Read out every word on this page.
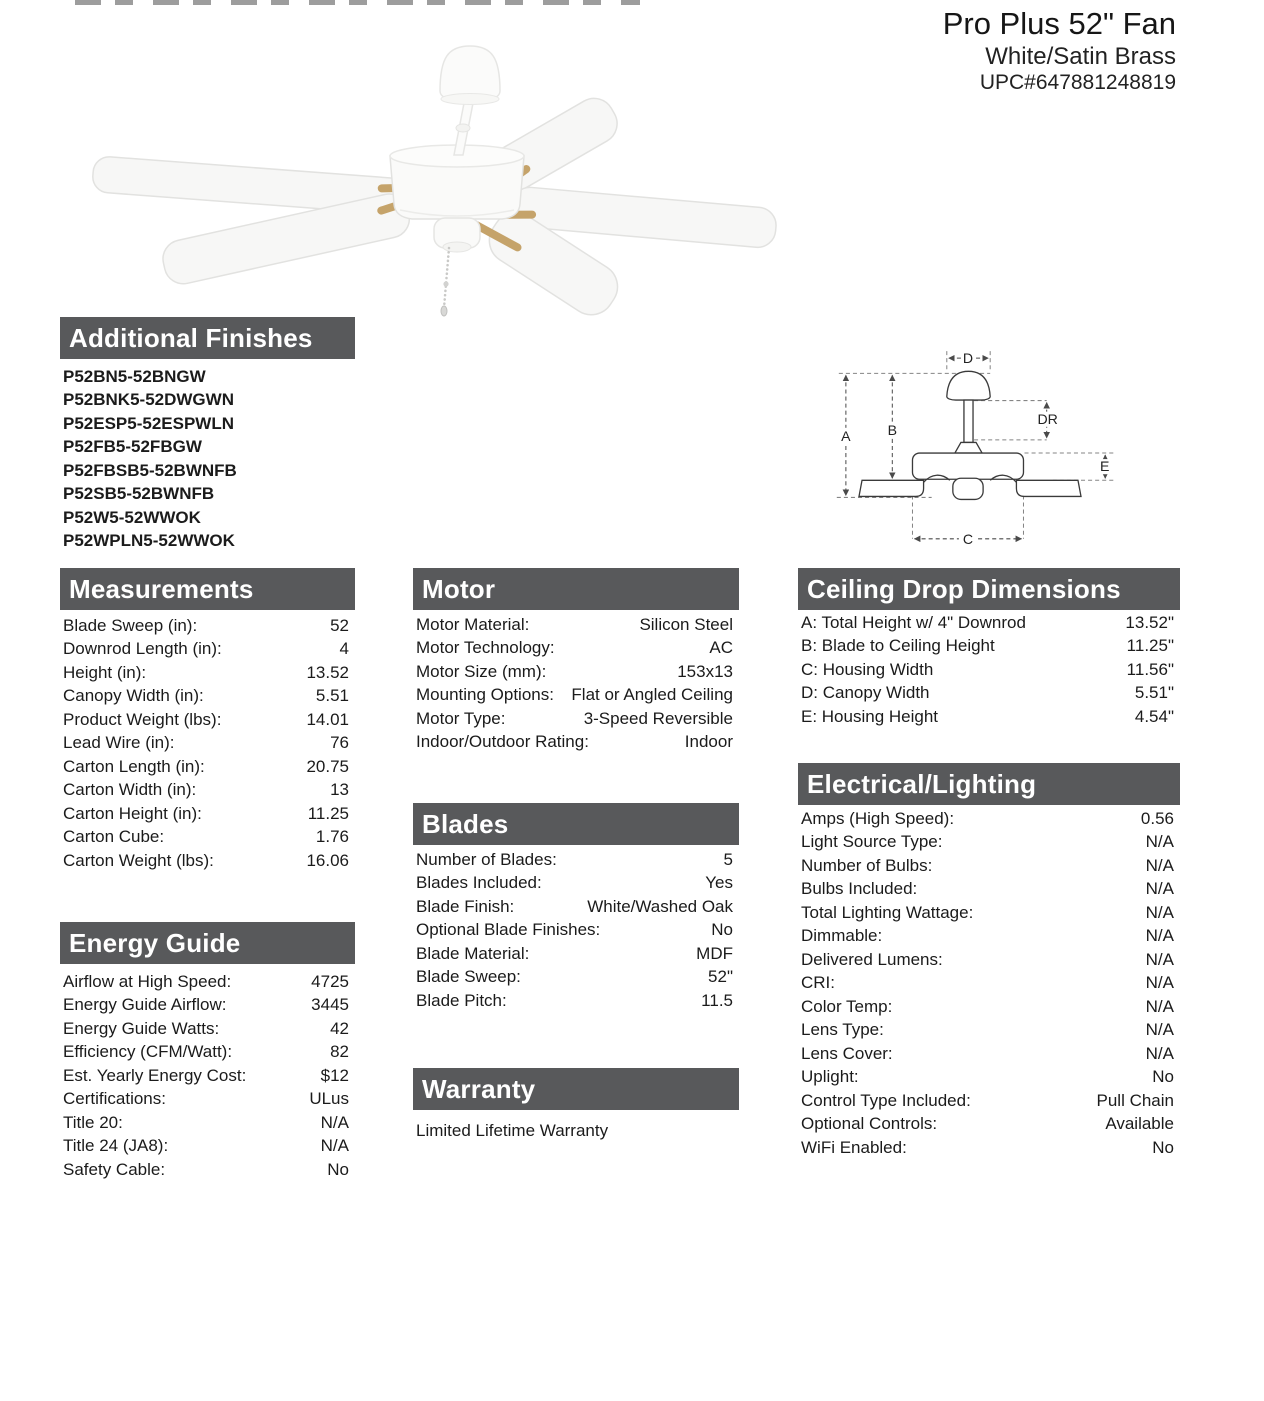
Pro Plus 52" Fan
White/Satin Brass
UPC#647881248819
A	B
C
D
E
DR
Additional Finishes
P52BN5-52BNGW
P52BNK5-52DWGWN
P52ESP5-52ESPWLN
P52FB5-52FBGW
P52FBSB5-52BWNFB
P52SB5-52BWNFB
P52W5-52WWOK
P52WPLN5-52WWOK
Measurements
Blade Sweep (in):	52
Downrod Length (in):	4
Height (in):	13.52
Canopy Width (in):	5.51
Product Weight (lbs):	14.01
Lead Wire (in):	76
Carton Length (in):	20.75
Carton Width (in):	13
Carton Height (in):	11.25
Carton Cube:	1.76
Carton Weight (lbs):	16.06
Energy Guide
Airflow at High Speed:	4725
Energy Guide Airflow:	3445
Energy Guide Watts:	42
Efficiency (CFM/Watt):	82
Est. Yearly Energy Cost:	$12
Certifications:	ULus
Title 20:	N/A
Title 24 (JA8):	N/A
Safety Cable:	No
Motor
Motor Material:	Silicon Steel
Motor Technology:	AC
Motor Size (mm):	153x13
Mounting Options: Flat or Angled Ceiling
Motor Type:	3-Speed Reversible
Indoor/Outdoor Rating:	Indoor
Blades
Number of Blades:	5
Blades Included:	Yes
Blade Finish:	White/Washed Oak
Optional Blade Finishes:	No
Blade Material:	MDF
Blade Sweep:	52"
Blade Pitch:	11.5
Warranty
Limited Lifetime Warranty
Ceiling Drop Dimensions
A: Total Height w/ 4" Downrod	13.52"
B: Blade to Ceiling Height	11.25"
C: Housing Width	11.56"
D: Canopy Width	5.51"
E: Housing Height	4.54"
Electrical/Lighting
Amps (High Speed):	0.56
Light Source Type:	N/A
Number of Bulbs:	N/A
Bulbs Included:	N/A
Total Lighting Wattage:	N/A
Dimmable:	N/A
Delivered Lumens:	N/A
CRI:	N/A
Color Temp:	N/A
Lens Type:	N/A
Lens Cover:	N/A
Uplight:	No
Control Type Included:	Pull Chain
Optional Controls:	Available
WiFi Enabled:	No
